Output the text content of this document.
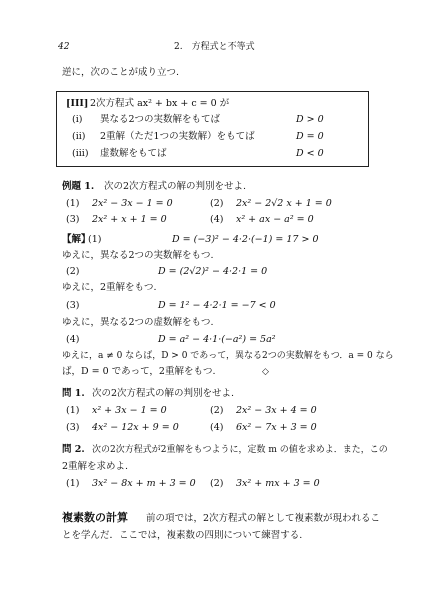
42	2.　方程式と不等式
逆に，次のことが成り立つ.
[III] 2次方程式 ax² + bx + c = 0 が
(i) 異なる2つの実数解をもてば	D > 0
(ii) 2重解（ただ1つの実数解）をもてば	D = 0
(iii) 虚数解をもてば	D < 0
例題 1. 次の2次方程式の解の判別をせよ.
(1) 2x² − 3x − 1 = 0	(2) 2x² − 2√2 x + 1 = 0
(3) 2x² + x + 1 = 0	(4) x² + ax − a² = 0
【解】
(1)	D = (−3)² − 4·2·(−1) = 17 > 0
ゆえに，異なる2つの実数解をもつ.
(2)	D = (2√2)² − 4·2·1 = 0
ゆえに，2重解をもつ.
(3)	D = 1² − 4·2·1 = −7 < 0
ゆえに，異なる2つの虚数解をもつ.
(4)	D = a² − 4·1·(−a²) = 5a²
ゆえに，a ≠ 0 ならば，D > 0 であって，異なる2つの実数解をもつ．a = 0 なら
ば，D = 0 であって，2重解をもつ.	◇
問 1. 次の2次方程式の解の判別をせよ.
(1) x² + 3x − 1 = 0	(2) 2x² − 3x + 4 = 0
(3) 4x² − 12x + 9 = 0	(4) 6x² − 7x + 3 = 0
問 2. 次の2次方程式が2重解をもつように，定数 m の値を求めよ．また，この
2重解を求めよ.
(1) 3x² − 8x + m + 3 = 0 (2) 3x² + mx + 3 = 0
複素数の計算 前の項では，2次方程式の解として複素数が現われるこ
とを学んだ．ここでは，複素数の四則について練習する.
